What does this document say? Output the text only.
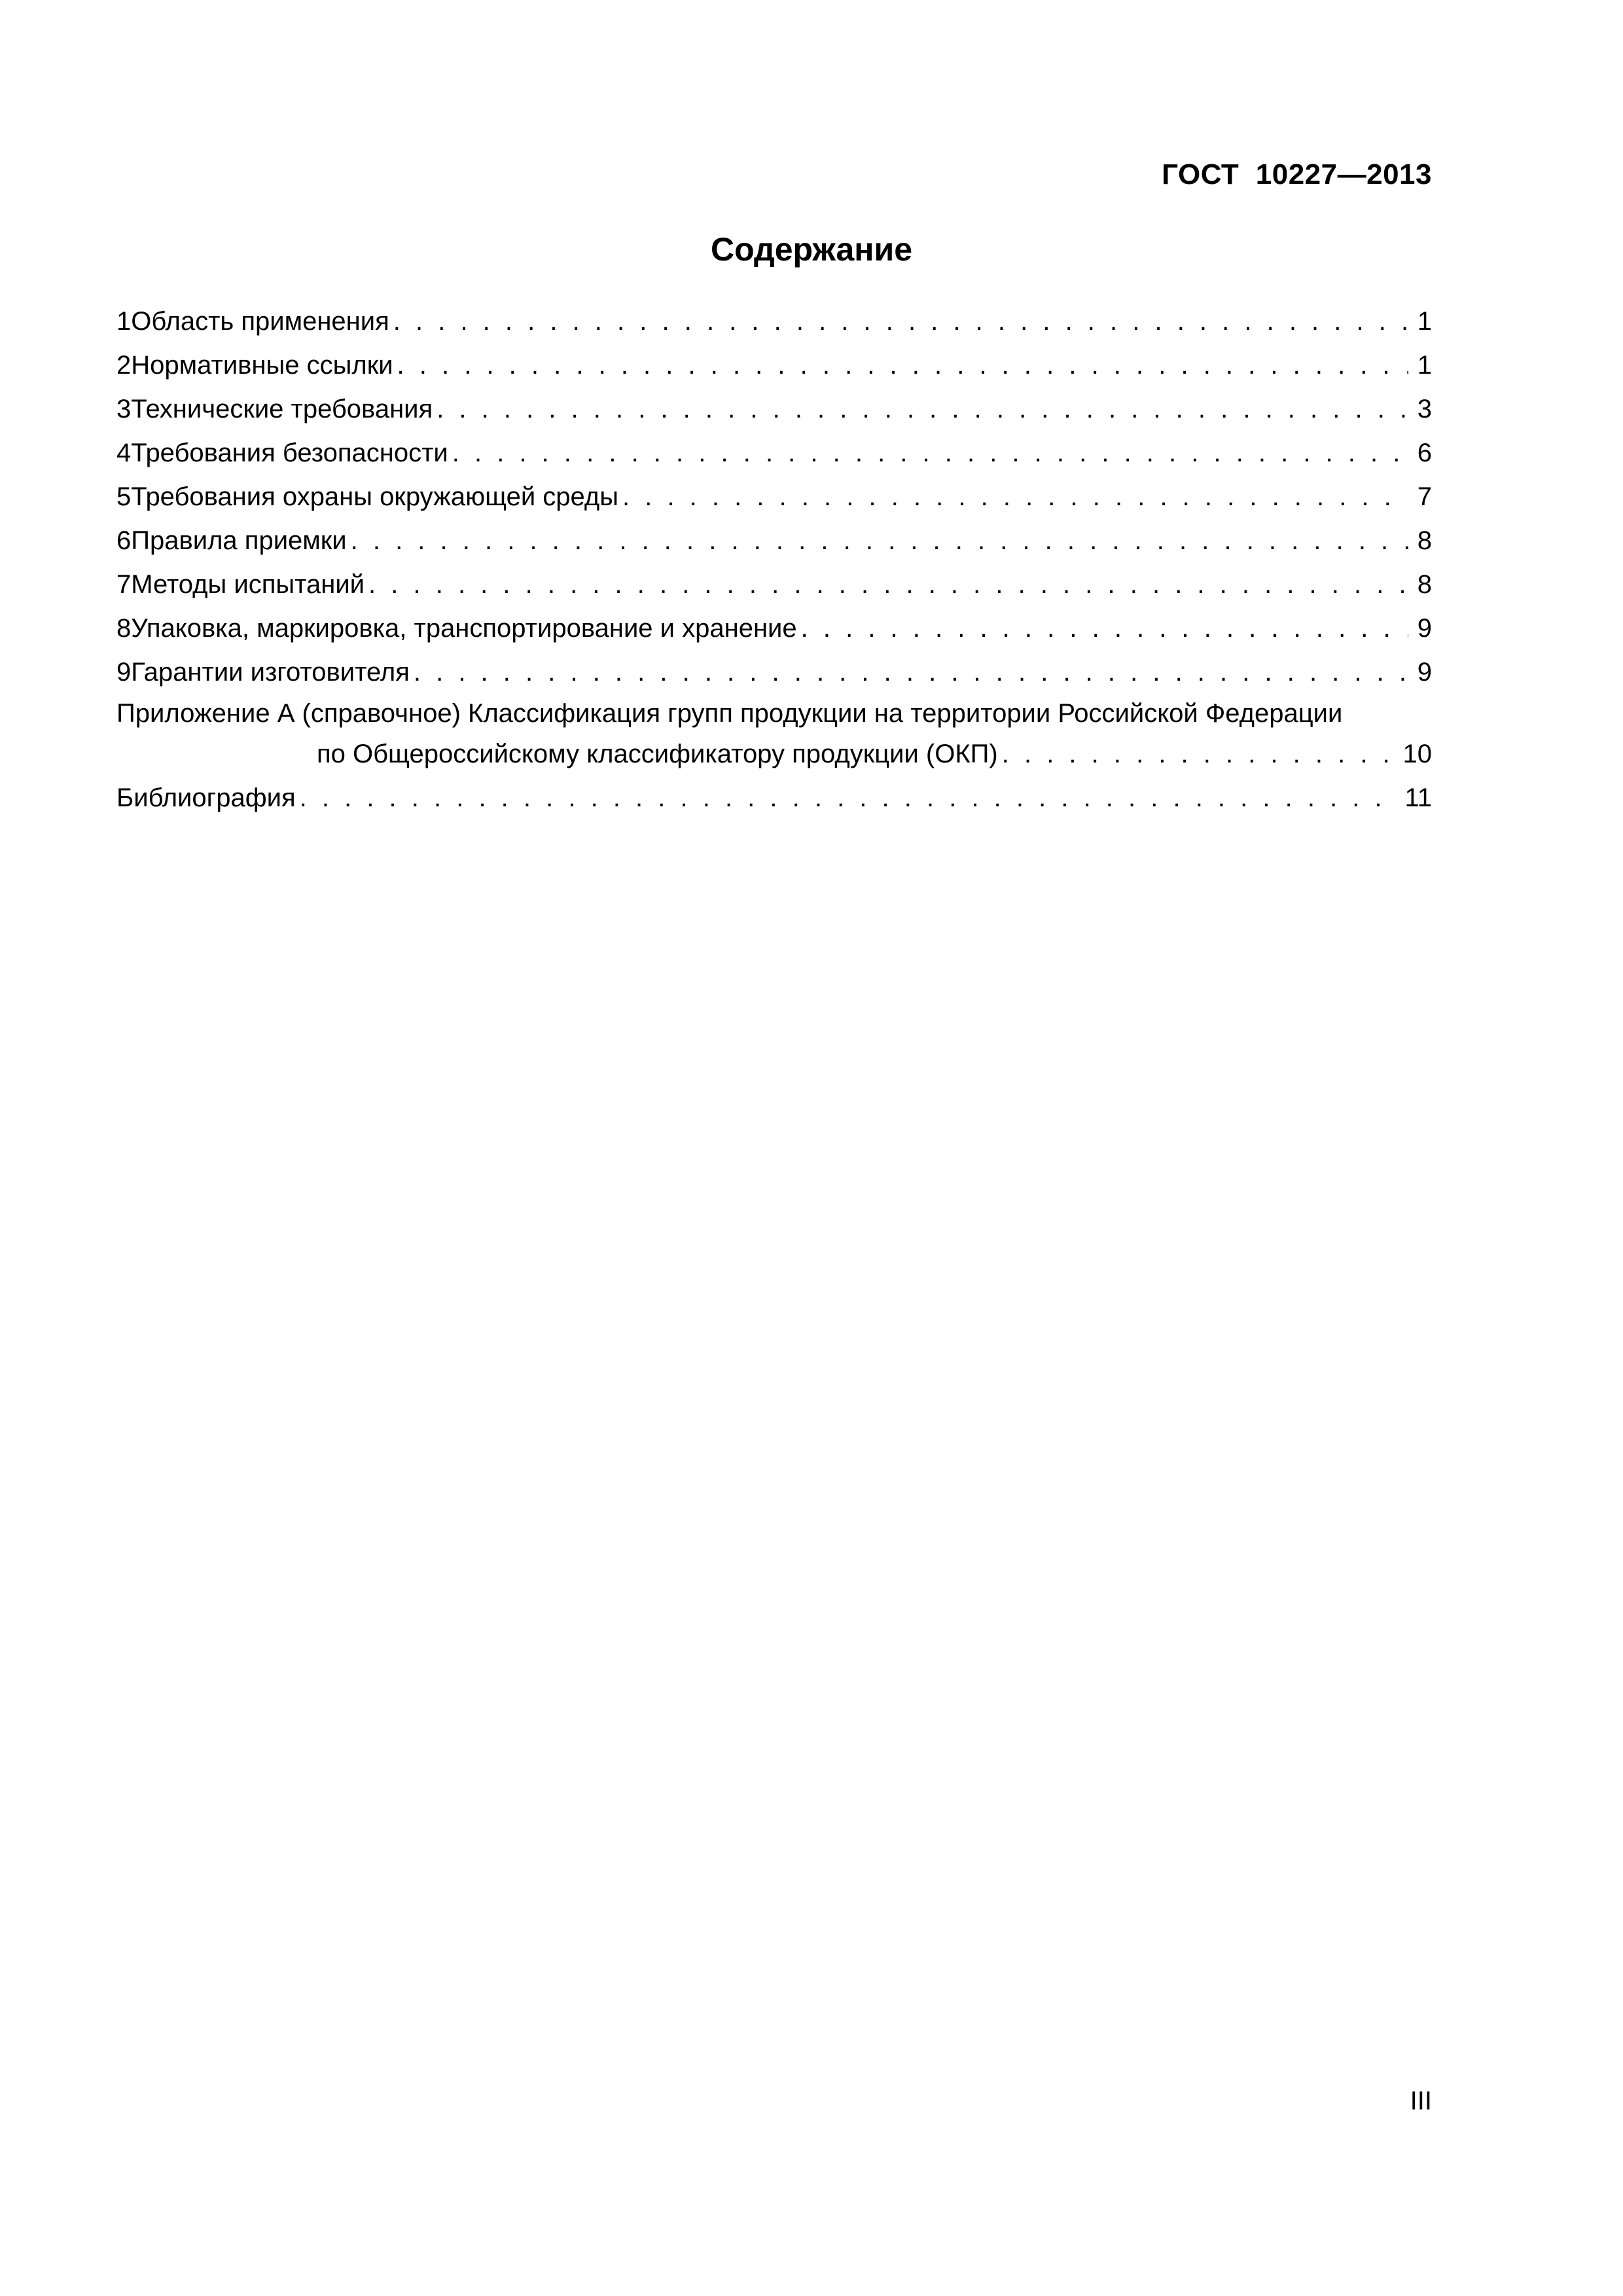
ГОСТ  10227—2013
Содержание
1 Область применения . . .	1
2 Нормативные ссылки . . .	1
3 Технические требования . . .	3
4 Требования безопасности . . .	6
5 Требования охраны окружающей среды . . .	7
6 Правила приемки . . .	8
7 Методы испытаний . . .	8
8 Упаковка, маркировка, транспортирование и хранение . . .	9
9 Гарантии изготовителя . . .	9
Приложение А (справочное) Классификация групп продукции на территории Российской Федерации
по Общероссийскому классификатору продукции (ОКП) . . .	10
Библиография . . .	11
III
